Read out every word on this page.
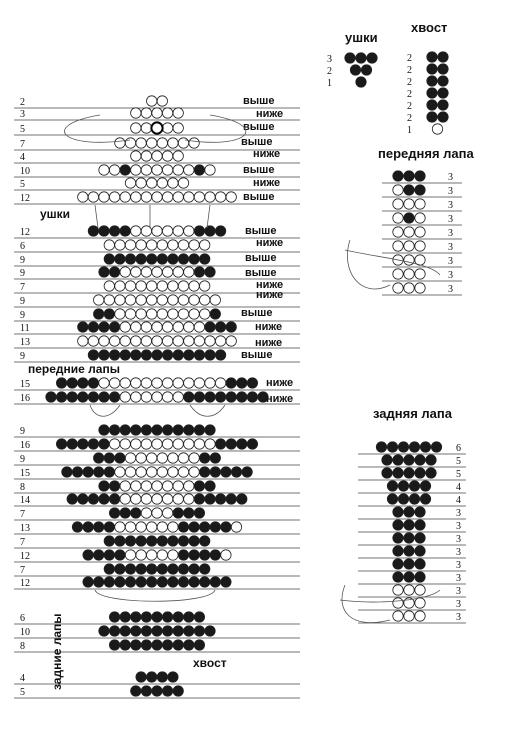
2
3
5
7
4
10
5
12
12
6
9
9
7
9
9
11
13
9
15
16
9
16
9
15
8
14
7
13
7
12
7
12
6
10
8
4
5
выше
ниже
выше
выше
ниже
выше
ниже
выше
выше
ниже
выше
выше
ниже
ниже
выше
ниже
ниже
выше
ниже
ниже
3
2
1
2
2
2
2
2
2
1
3
3
3
3
3
3
3
3
3
6
5
5
4
4
3
3
3
3
3
3
3
3
3
ушки
хвост
передняя лапа
задняя лапа
ушки
передние лапы
хвост
задние лапы
